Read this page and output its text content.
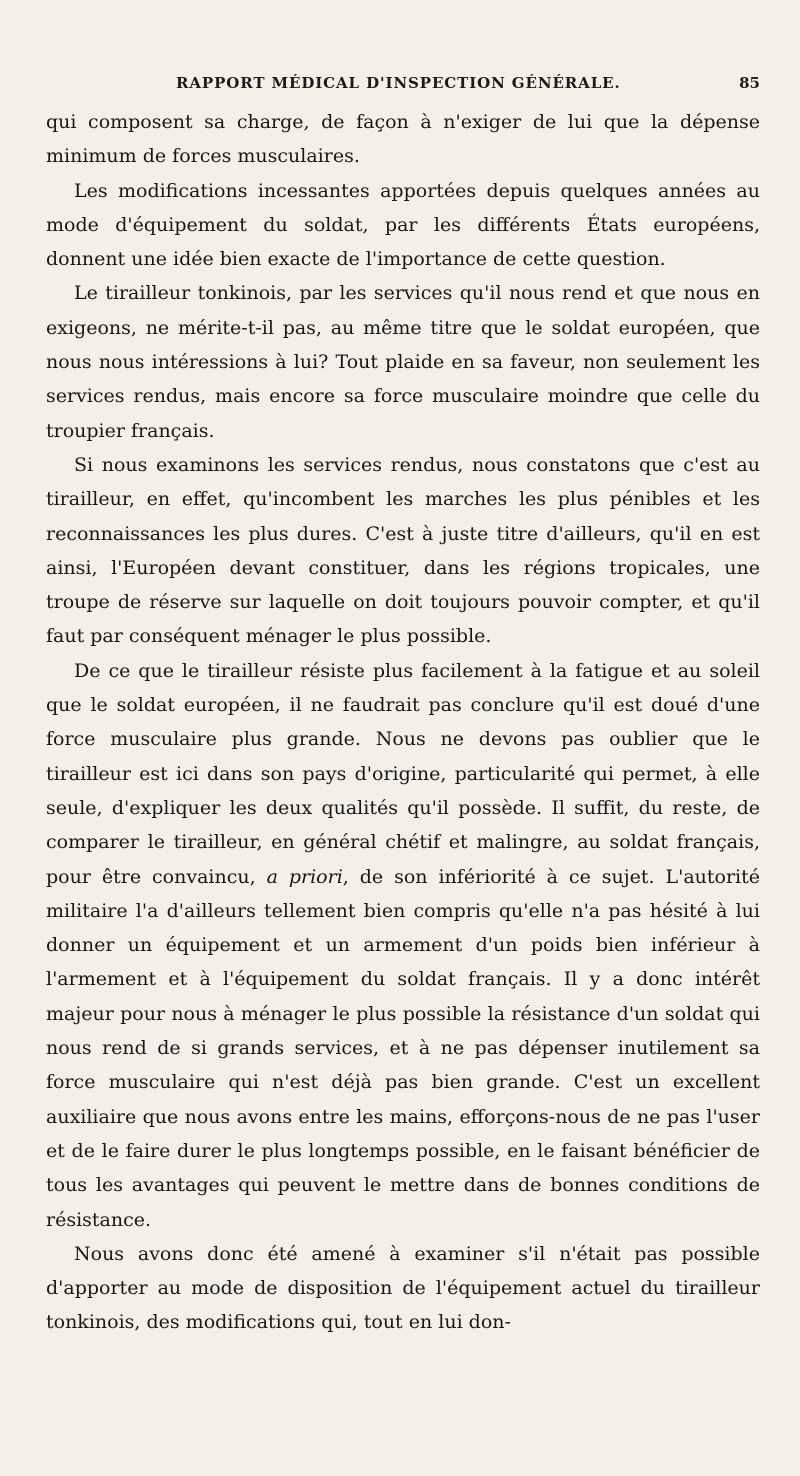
RAPPORT MÉDICAL D'INSPECTION GÉNÉRALE.	85

qui composent sa charge, de façon à n'exiger de lui que la dépense minimum de forces musculaires.

Les modifications incessantes apportées depuis quelques années au mode d'équipement du soldat, par les différents États européens, donnent une idée bien exacte de l'importance de cette question.

Le tirailleur tonkinois, par les services qu'il nous rend et que nous en exigeons, ne mérite-t-il pas, au même titre que le soldat européen, que nous nous intéressions à lui? Tout plaide en sa faveur, non seulement les services rendus, mais encore sa force musculaire moindre que celle du troupier français.

Si nous examinons les services rendus, nous constatons que c'est au tirailleur, en effet, qu'incombent les marches les plus pénibles et les reconnaissances les plus dures. C'est à juste titre d'ailleurs, qu'il en est ainsi, l'Européen devant constituer, dans les régions tropicales, une troupe de réserve sur laquelle on doit toujours pouvoir compter, et qu'il faut par conséquent ménager le plus possible.

De ce que le tirailleur résiste plus facilement à la fatigue et au soleil que le soldat européen, il ne faudrait pas conclure qu'il est doué d'une force musculaire plus grande. Nous ne devons pas oublier que le tirailleur est ici dans son pays d'origine, particularité qui permet, à elle seule, d'expliquer les deux qualités qu'il possède. Il suffit, du reste, de comparer le tirailleur, en général chétif et malingre, au soldat français, pour être convaincu, a priori, de son infériorité à ce sujet. L'autorité militaire l'a d'ailleurs tellement bien compris qu'elle n'a pas hésité à lui donner un équipement et un armement d'un poids bien inférieur à l'armement et à l'équipement du soldat français. Il y a donc intérêt majeur pour nous à ménager le plus possible la résistance d'un soldat qui nous rend de si grands services, et à ne pas dépenser inutilement sa force musculaire qui n'est déjà pas bien grande. C'est un excellent auxiliaire que nous avons entre les mains, efforçons-nous de ne pas l'user et de le faire durer le plus longtemps possible, en le faisant bénéficier de tous les avantages qui peuvent le mettre dans de bonnes conditions de résistance.

Nous avons donc été amené à examiner s'il n'était pas possible d'apporter au mode de disposition de l'équipement actuel du tirailleur tonkinois, des modifications qui, tout en lui don-
